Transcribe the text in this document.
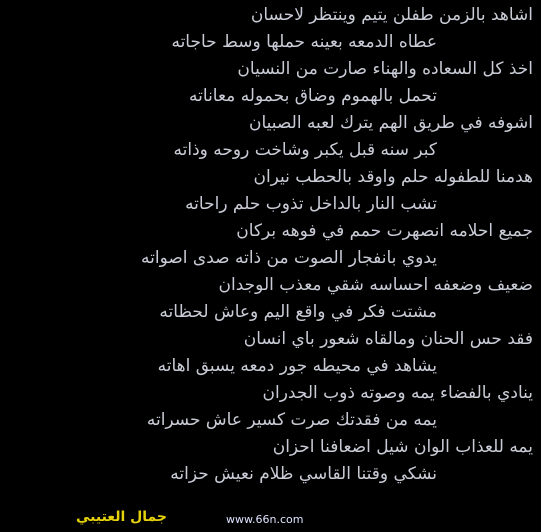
اشاهد بالزمن طفلن يتيم وينتظر لاحسان
عطاه الدمعه بعينه حملها وسط حاجاته
اخذ كل السعاده والهناء صارت من النسيان
تحمل بالهموم وضاق بحموله معاناته
اشوفه في طريق الهم يترك لعبه الصبيان
كبر سنه قبل يكبر وشاخت روحه وذاته
هدمنا للطفوله حلم واوقد بالحطب نيران
تشب النار بالداخل تذوب حلم راحاته
جميع احلامه انصهرت حمم في فوهه بركان
يدوي بانفجار الصوت من ذاته صدى اصواته
ضعيف وضعفه احساسه شقي معذب الوجدان
مشتت فكر في واقع اليم وعاش لحظاته
فقد حس الحنان ومالقاه شعور باي انسان
يشاهد في محيطه جور دمعه يسبق اهاته
ينادي بالفضاء يمه وصوته ذوب الجدران
يمه من فقدتك صرت كسير عاش حسراته
يمه للعذاب الوان شيل اضعافنا احزان
نشكي وقتنا القاسي ظلام نعيش حزاته
جمال العتيبي	www.66n.com
